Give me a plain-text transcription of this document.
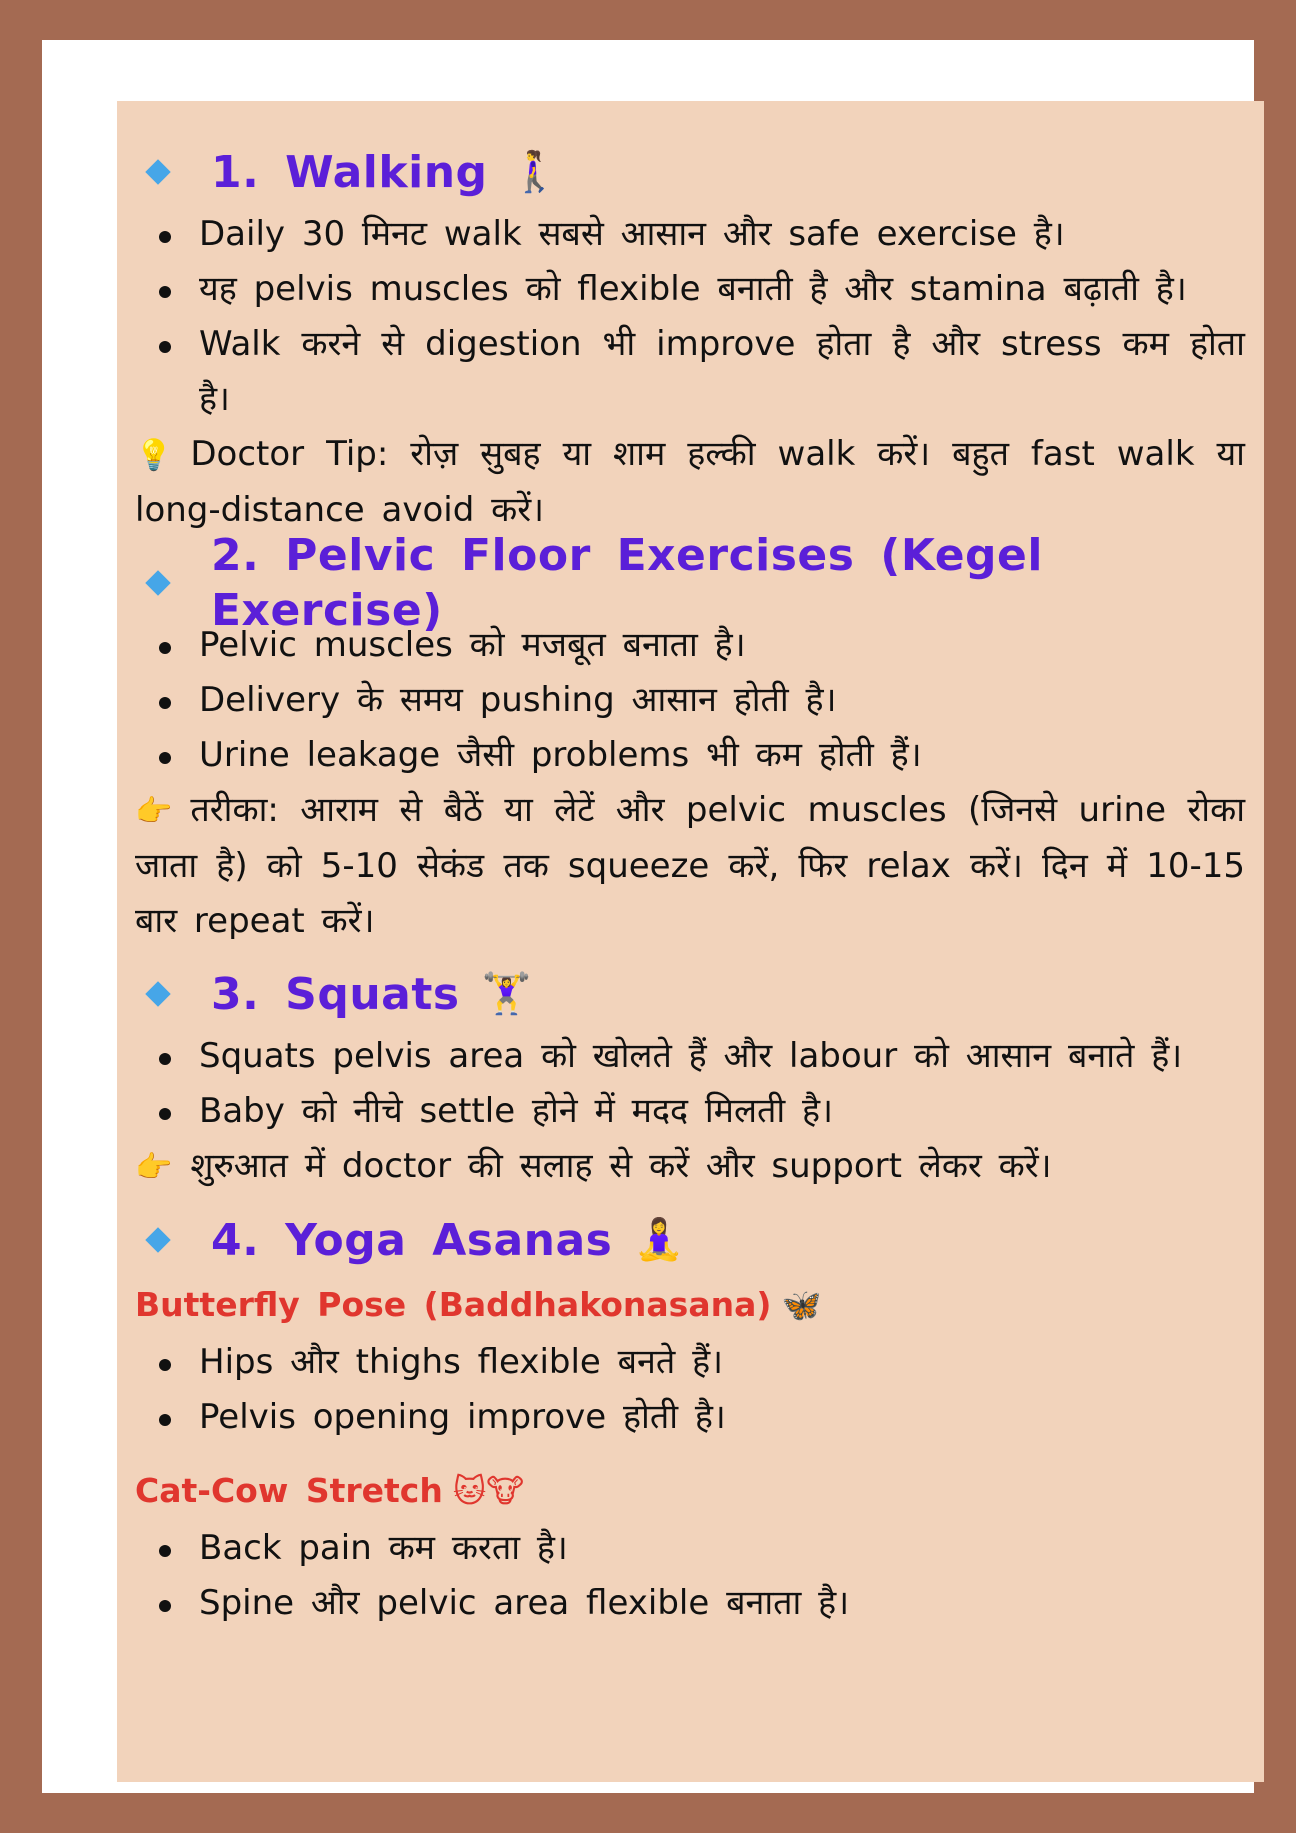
1. Walking 🚶‍♀️
Daily 30 मिनट walk सबसे आसान और safe exercise है।
यह pelvis muscles को flexible बनाती है और stamina बढ़ाती है।
Walk करने से digestion भी improve होता है और stress कम होता है।

💡 Doctor Tip: रोज़ सुबह या शाम हल्की walk करें। बहुत fast walk या long-distance avoid करें।

2. Pelvic Floor Exercises (Kegel Exercise)
Pelvic muscles को मजबूत बनाता है।
Delivery के समय pushing आसान होती है।
Urine leakage जैसी problems भी कम होती हैं।

👉 तरीका: आराम से बैठें या लेटें और pelvic muscles (जिनसे urine रोका जाता है) को 5-10 सेकंड तक squeeze करें, फिर relax करें। दिन में 10-15 बार repeat करें।

3. Squats 🏋️‍♀️
Squats pelvis area को खोलते हैं और labour को आसान बनाते हैं।
Baby को नीचे settle होने में मदद मिलती है।

👉 शुरुआत में doctor की सलाह से करें और support लेकर करें।

4. Yoga Asanas 🧘‍♀️
Butterfly Pose (Baddhakonasana) 🦋
Hips और thighs flexible बनते हैं।
Pelvis opening improve होती है।
Cat-Cow Stretch 🐱🐮
Back pain कम करता है।
Spine और pelvic area flexible बनाता है।
